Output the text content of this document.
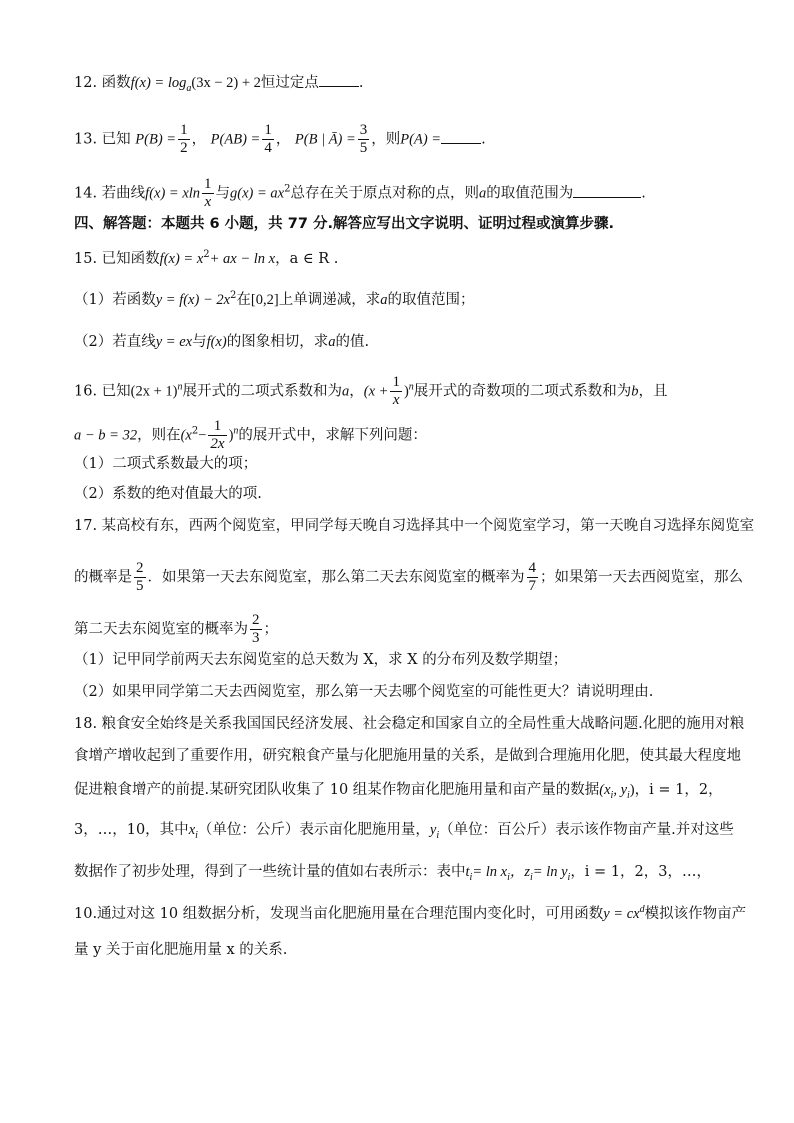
12. 函数$f(x) = \log_a(3x - 2) + 2$恒过定点	.
13. 已知 $P(B) = \frac{1}{2}$ ， $P(AB) = \frac{1}{4}$ ， P(B | Ā) = $\frac{3}{5}$ ，则P(A) =	.
14. 若曲线f(x) = xln $\frac{1}{x}$ 与$g(x) = ax^2$总存在关于原点对称的点，则a的取值范围为	.
四、解答题：本题共 6 小题，共 77 分.解答应写出文字说明、证明过程或演算步骤.
15. 已知函数$f(x) = x^2+$ ax − ln x，a ∈ R .
（1）若函数$y = f(x) - 2x^2$在[0,2]上单调递减，求a的取值范围；
（2）若直线y = ex与f(x)的图象相切，求a的值.
16. 已知$(2x + 1)^n$展开式的二项式系数和为a，$(x + \frac{1}{x} )^n$展开式的奇数项的二项式系数和为b，且
a − b = 32，则在$(x^2- \frac{1}{2x} )^n$的展开式中，求解下列问题：
（1）二项式系数最大的项；
（2）系数的绝对值最大的项.
17. 某高校有东，西两个阅览室，甲同学每天晚自习选择其中一个阅览室学习，第一天晚自习选择东阅览室
的概率是 $\frac{2}{5}$ ．如果第一天去东阅览室，那么第二天去东阅览室的概率为 $\frac{4}{7}$ ；如果第一天去西阅览室，那么
第二天去东阅览室的概率为 $\frac{2}{3}$ ；
（1）记甲同学前两天去东阅览室的总天数为 X，求 X 的分布列及数学期望；
（2）如果甲同学第二天去西阅览室，那么第一天去哪个阅览室的可能性更大？请说明理由.
18. 粮食安全始终是关系我国国民经济发展、社会稳定和国家自立的全局性重大战略问题.化肥的施用对粮
食增产增收起到了重要作用，研究粮食产量与化肥施用量的关系，是做到合理施用化肥，使其最大程度地
促进粮食增产的前提.某研究团队收集了 10 组某作物亩化肥施用量和亩产量的数据($x_i$, $y_i$)，i = 1，2，
3，…，10，其中$x_i$（单位：公斤）表示亩化肥施用量，$y_i$（单位：百公斤）表示该作物亩产量.并对这些
数据作了初步处理，得到了一些统计量的值如右表所示：表中$t_i= \ln x_i$，$z_i= \ln y_i$，i = 1，2，3，…，
10.通过对这 10 组数据分析，发现当亩化肥施用量在合理范围内变化时，可用函数$y = cx^d$模拟该作物亩产
量 y 关于亩化肥施用量 x 的关系.
